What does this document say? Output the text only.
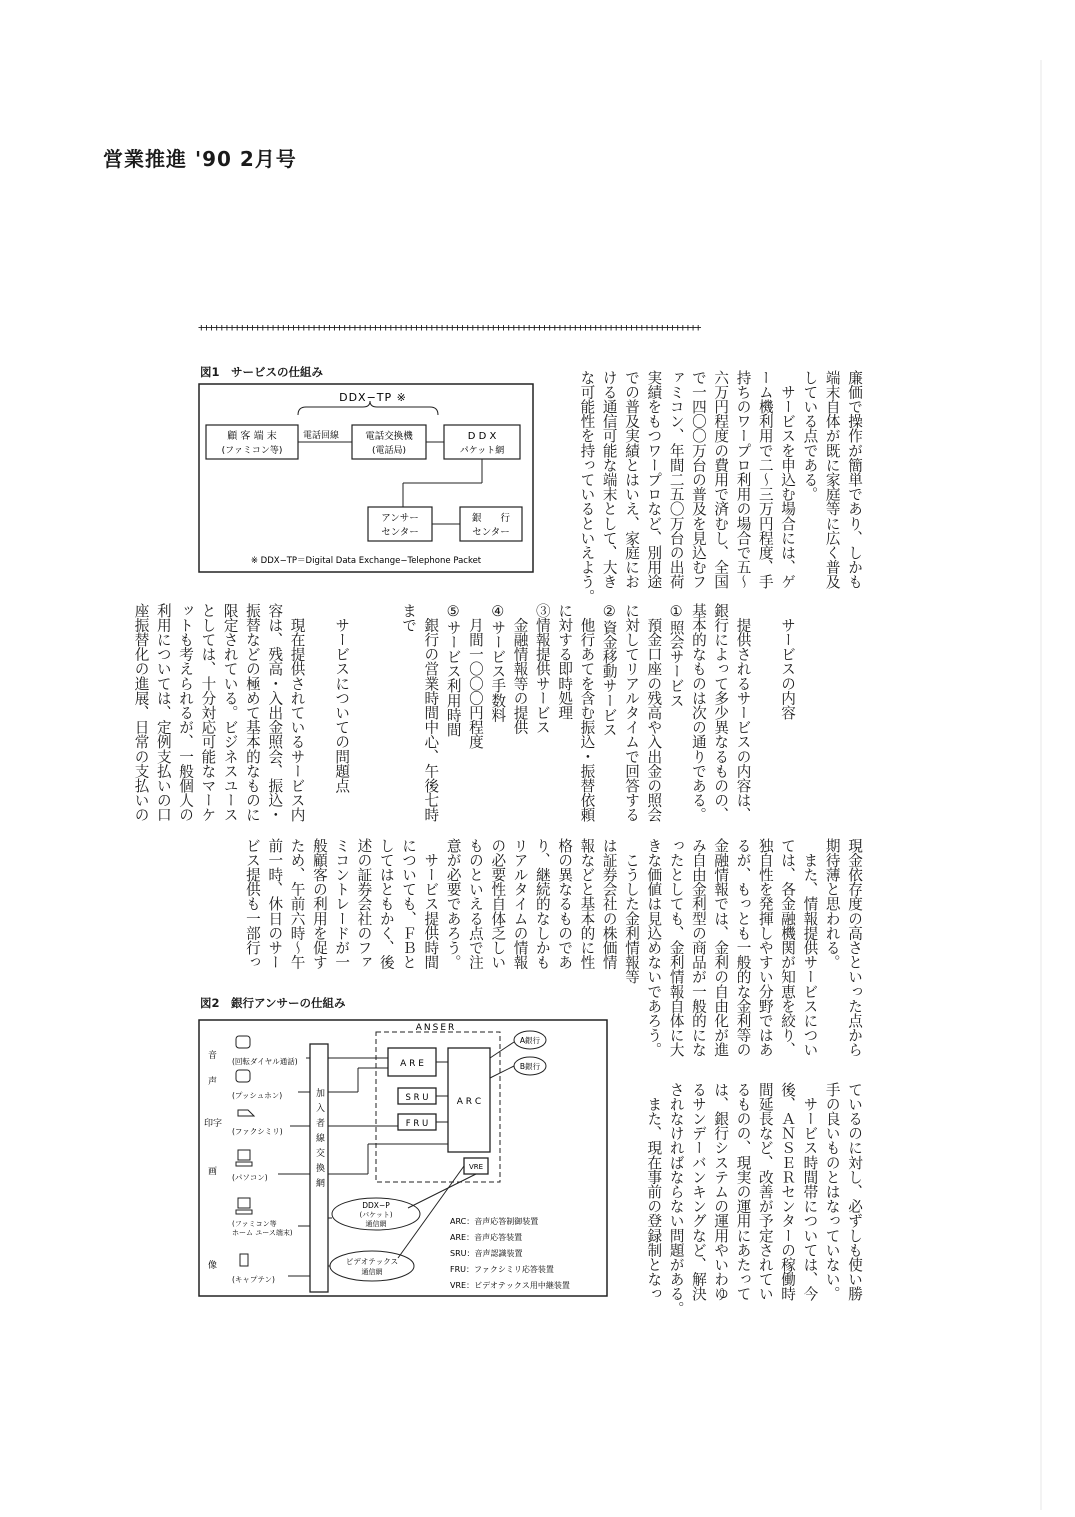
営業推進 '90 2月号
++++++++++++++++++++++++++++++++++++++++++++++++++++++++++++++++++++++++++++++++++++++++++++++++++
廉価で操作が簡単であり、しかも
端末自体が既に家庭等に広く普及
している点である。
　サービスを申込む場合には、ゲ
ーム機利用で二〜三万円程度、手
持ちのワープロ利用の場合で五〜
六万円程度の費用で済むし、全国
で一四〇〇万台の普及を見込むフ
ァミコン、年間二五〇万台の出荷
実績をもつワープロなど、別用途
での普及実績とはいえ、家庭にお
ける通信可能な端末として、大き
な可能性を持っているといえよう。

　サービスの内容

　提供されるサービスの内容は、
銀行によって多少異なるものの、
基本的なものは次の通りである。
①照会サービス
　預金口座の残高や入出金の照会
に対してリアルタイムで回答する
②資金移動サービス
　他行あてを含む振込・振替依頼
に対する即時処理
③情報提供サービス
　金融情報等の提供
④サービス手数料
　月間一〇〇〇円程度
⑤サービス利用時間
　銀行の営業時間中心、午後七時
まで

　サービスについての問題点

　現在提供されているサービス内
容は、残高・入出金照会、振込・
振替などの極めて基本的なものに
限定されている。ビジネスユース
としては、十分対応可能なマーケ
ットも考えられるが、一般個人の
利用については、定例支払いの口
座振替化の進展、日常の支払いの
現金依存度の高さといった点から
期待薄と思われる。
　また、情報提供サービスについ
ては、各金融機関が知恵を絞り、
独自性を発揮しやすい分野ではあ
るが、もっとも一般的な金利等の
金融情報では、金利の自由化が進
み自由金利型の商品が一般的にな
ったとしても、金利情報自体に大
きな価値は見込めないであろう。
　こうした金利情報等
は証券会社の株価情
報などと基本的に性
格の異なるものであ
り、継続的なしかも
リアルタイムの情報
の必要性自体乏しい
ものといえる点で注
意が必要であろう。
　サービス提供時間
についても、ＦＢと
してはともかく、後
述の証券会社のファ
ミコントレードが一
般顧客の利用を促す
ため、午前六時〜午
前一時、休日のサー
ビス提供も一部行っ
ているのに対し、必ずしも使い勝
手の良いものとはなっていない。
　サービス時間帯については、今
後、ＡＮＳＥＲセンターの稼働時
間延長など、改善が予定されてい
るものの、現実の運用にあたって
は、銀行システムの運用やいわゆ
るサンデーバンキングなど、解決
されなければならない問題がある。
　また、現在事前の登録制となっ
図1　サービスの仕組み
DDX−TP ※
顧 客 端 末
(ファミコン等)
電話回線	電話交換機
(電話局)
D D X
パケット網
アンサー
センター
銀　　行
センター
※ DDX−TP＝Digital Data Exchange−Telephone Packet
図2　銀行アンサーの仕組み
音
声
印字
画
像
(回転ダイヤル通話)
(プッシュホン)
(ファクシミリ)
(パソコン)
(ファミコン等
ホーム ユース端末)
(キャプテン)
加入者線交換網
ANSER
A R E
S R U
F R U
A R C
VRE
A銀行
B銀行
DDX−P
(パケット)
通信網
ビデオテックス
通信網
ARC：音声応答制御装置
ARE：音声応答装置
SRU：音声認識装置
FRU：ファクシミリ応答装置
VRE：ビデオテックス用中継装置
